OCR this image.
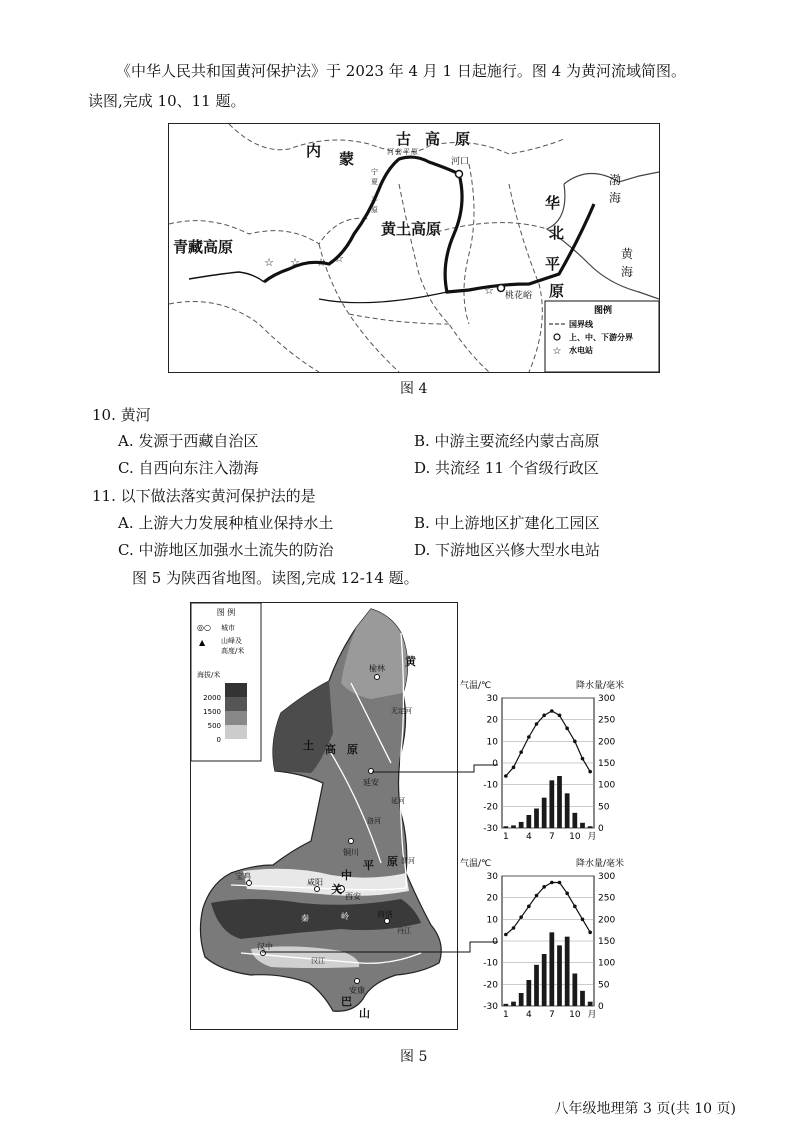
《中华人民共和国黄河保护法》于 2023 年 4 月 1 日起施行。图 4 为黄河流域简图。
读图,完成 10、11 题。
☆ ☆ ☆ ☆
☆
内 蒙
古 高 原
青藏高原
黄土高原
华
北
平
原
渤
海
黄
海
河口
桃花峪
河 套 平 原
宁
夏
平
原
图例
国界线
上、中、下游分界
☆ 水电站
图 4
10. 黄河
A. 发源于西藏自治区	B. 中游主要流经内蒙古高原
C. 自西向东注入渤海	D. 共流经 11 个省级行政区
11. 以下做法落实黄河保护法的是
A. 上游大力发展种植业保持水土	B. 中上游地区扩建化工园区
C. 中游地区加强水土流失的防治	D. 下游地区兴修大型水电站
图 5 为陕西省地图。读图,完成 12-14 题。
榆林
延安
铜川
宝鸡
咸阳
西安
汉中
商洛
安康
黄
土 高 原
关
中
平 原
巴
山
秦	岭
无定河
延河
洛河
渭河
汉江
丹江
图 例
◎○ 城市
▲ 山峰及
高度/米
海拔/米
2000
1500
500
0
气温/℃	降水量/毫米
30
20
10
0
-10
-20
-30
300
250
200
150
100
50
0
1 4 7 10 月
气温/℃	降水量/毫米
30
20
10
0
-10
-20
-30
300
250
200
150
100
50
0
1 4 7 10 月
图 5
八年级地理第 3 页(共 10 页)
